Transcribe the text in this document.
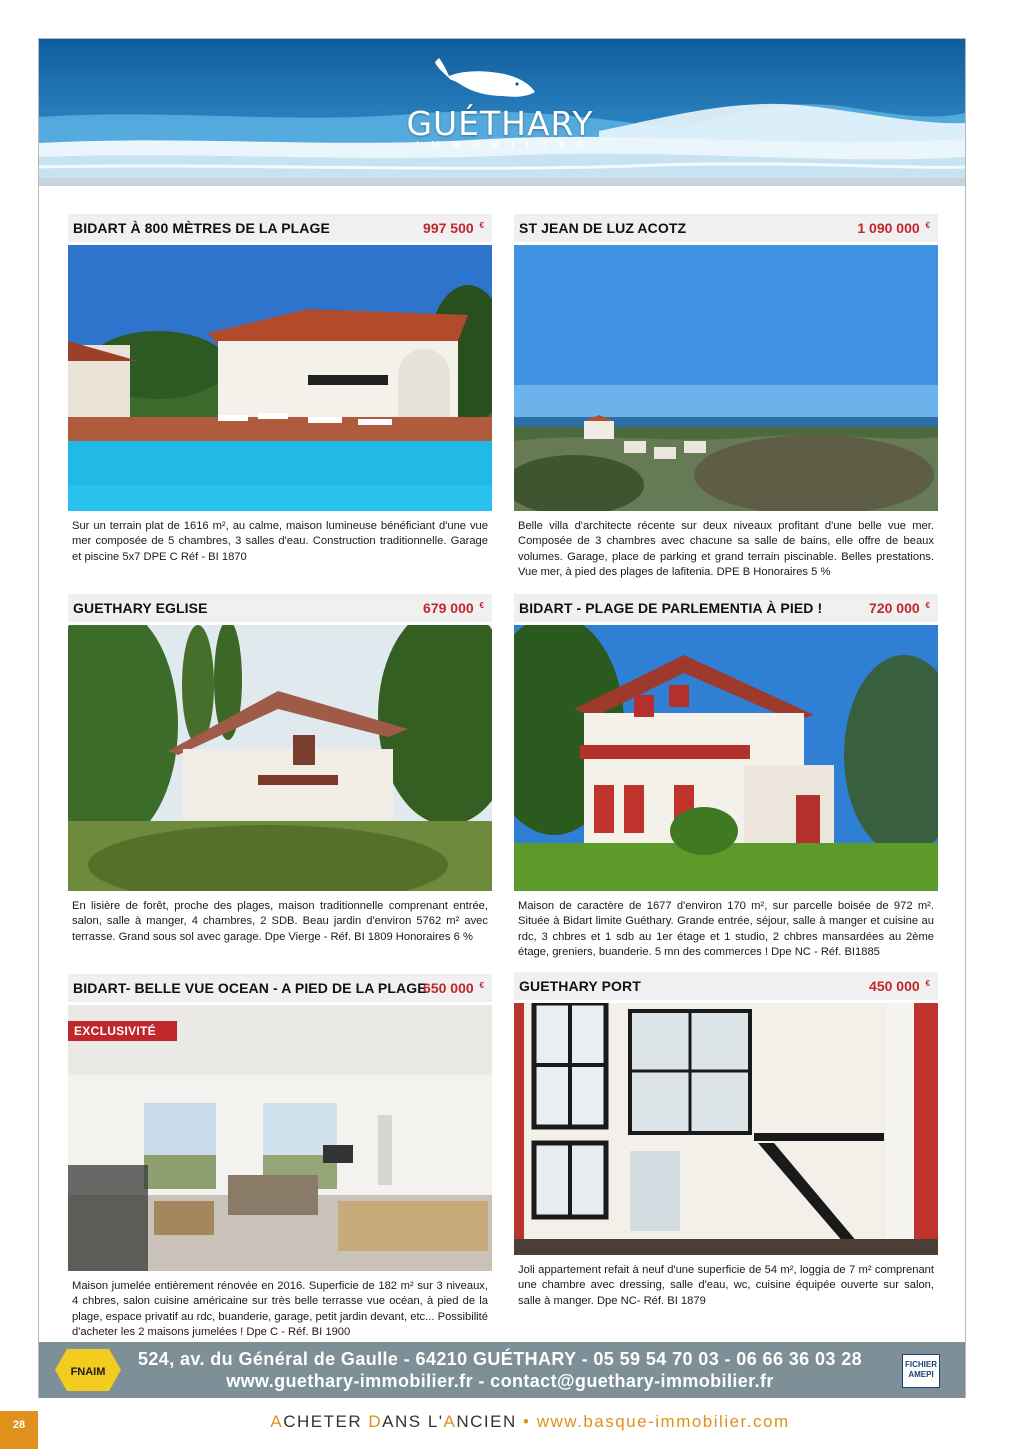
GUÉTHARY
IMMOBILIER
BIDART À 800 MÈTRES DE LA PLAGE	997 500 €

Sur un terrain plat de 1616 m², au calme, maison lumineuse bénéficiant d'une vue mer composée de 5 chambres, 3 salles d'eau. Construction traditionnelle. Garage et piscine 5x7 DPE C Réf - BI 1870

ST JEAN DE LUZ ACOTZ	1 090 000 €

Belle villa d'architecte récente sur deux niveaux profitant d'une belle vue mer. Composée de 3 chambres avec chacune sa salle de bains, elle offre de beaux volumes. Garage, place de parking et grand terrain piscinable. Belles prestations. Vue mer, à pied des plages de lafitenia. DPE B Honoraires 5 %

GUETHARY EGLISE	679 000 €

En lisière de forêt, proche des plages, maison traditionnelle comprenant entrée, salon, salle à manger, 4 chambres, 2 SDB. Beau jardin d'environ 5762 m² avec terrasse. Grand sous sol avec garage. Dpe Vierge - Réf. BI 1809 Honoraires 6 %

BIDART - PLAGE DE PARLEMENTIA À PIED !	720 000 €

Maison de caractère de 1677 d'environ 170 m², sur parcelle boisée de 972 m². Située à Bidart limite Guéthary. Grande entrée, séjour, salle à manger et cuisine au rdc, 3 chbres et 1 sdb au 1er étage et 1 studio, 2 chbres mansardées au 2ème étage, greniers, buanderie. 5 mn des commerces ! Dpe NC - Réf. BI1885

BIDART- BELLE VUE OCEAN - A PIED DE LA PLAGE
650 000 €

Maison jumelée entièrement rénovée en 2016. Superficie de 182 m² sur 3 niveaux, 4 chbres, salon cuisine américaine sur très belle terrasse vue océan, à pied de la plage, espace privatif au rdc, buanderie, garage, petit jardin devant, etc... Possibilité d'acheter les 2 maisons jumelées ! Dpe C - Réf. BI 1900

EXCLUSIVITÉ
GUETHARY PORT	450 000 €

Joli appartement refait à neuf d'une superficie de 54 m², loggia de 7 m² comprenant une chambre avec dressing, salle d'eau, wc, cuisine équipée ouverte sur salon, salle à manger. Dpe NC- Réf. BI 1879

FNAIM
524, av. du Général de Gaulle - 64210 GUÉTHARY - 05 59 54 70 03 - 06 66 36 03 28
www.guethary-immobilier.fr - contact@guethary-immobilier.fr
FICHIER
AMEPI
28	ACHETER DANS L'ANCIEN • www.basque-immobilier.com
